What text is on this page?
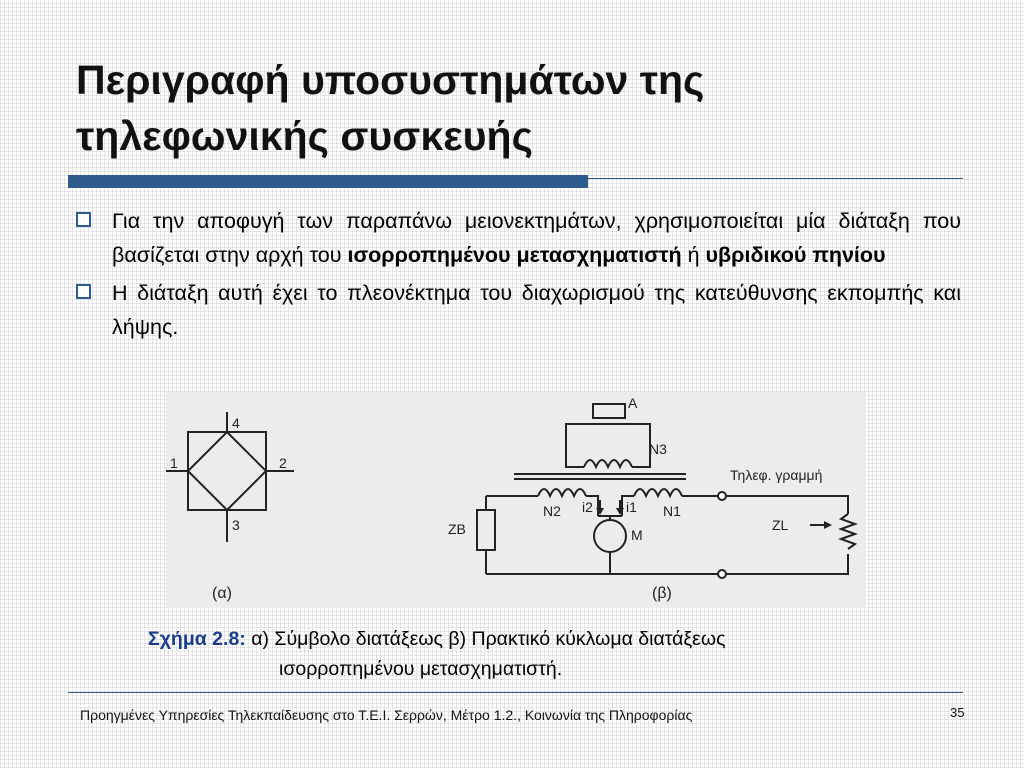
Περιγραφή υποσυστημάτων της
τηλεφωνικής συσκευής
Για την αποφυγή των παραπάνω μειονεκτημάτων, χρησιμοποιείται μία διάταξη που βασίζεται στην αρχή του ισορροπημένου μετασχηματιστή ή υβριδικού πηνίου
Η διάταξη αυτή έχει το πλεονέκτημα του διαχωρισμού της κατεύθυνσης εκπομπής και λήψης.
4
2
3
1
(α)
A
N3
N2	N1
i2 i1
M
ZB	ZL
Τηλεφ. γραμμή
(β)
Σχήμα 2.8: α) Σύμβολο διατάξεως β) Πρακτικό κύκλωμα διατάξεως
ισορροπημένου μετασχηματιστή.
Προηγμένες Υπηρεσίες Τηλεκπαίδευσης στο Τ.Ε.Ι. Σερρών, Μέτρο 1.2., Κοινωνία της Πληροφορίας	35
